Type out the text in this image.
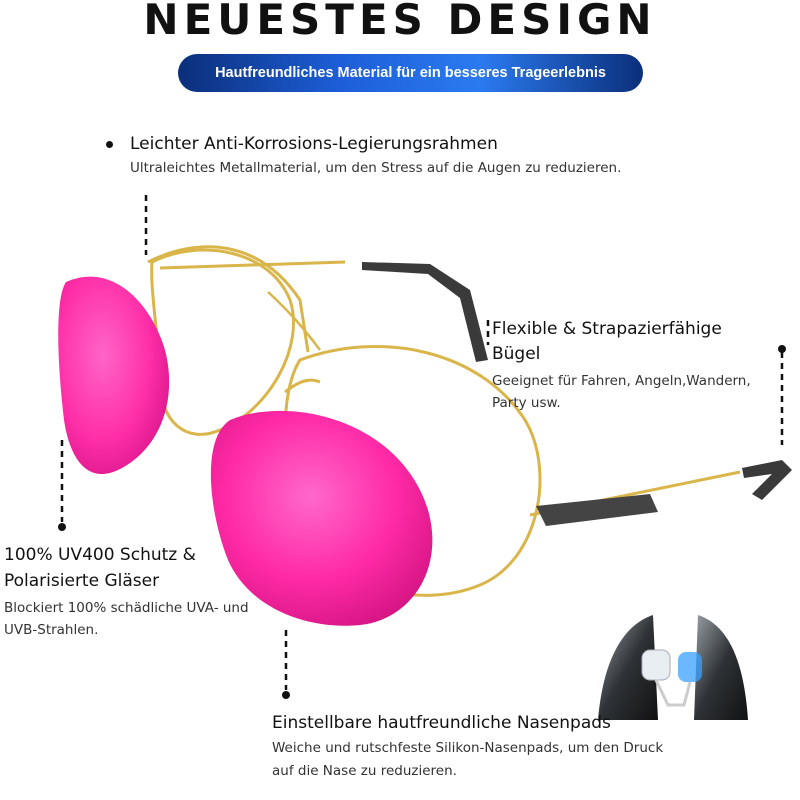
NEUESTES DESIGN
Hautfreundliches Material für ein besseres Trageerlebnis
Leichter Anti-Korrosions-Legierungsrahmen
Ultraleichtes Metallmaterial, um den Stress auf die Augen zu reduzieren.
Flexible & Strapazierfähige
Bügel
Geeignet für Fahren, Angeln,Wandern,
Party usw.
100% UV400 Schutz &
Polarisierte Gläser
Blockiert 100% schädliche UVA- und
UVB-Strahlen.
Einstellbare hautfreundliche Nasenpads
Weiche und rutschfeste Silikon-Nasenpads, um den Druck
auf die Nase zu reduzieren.
